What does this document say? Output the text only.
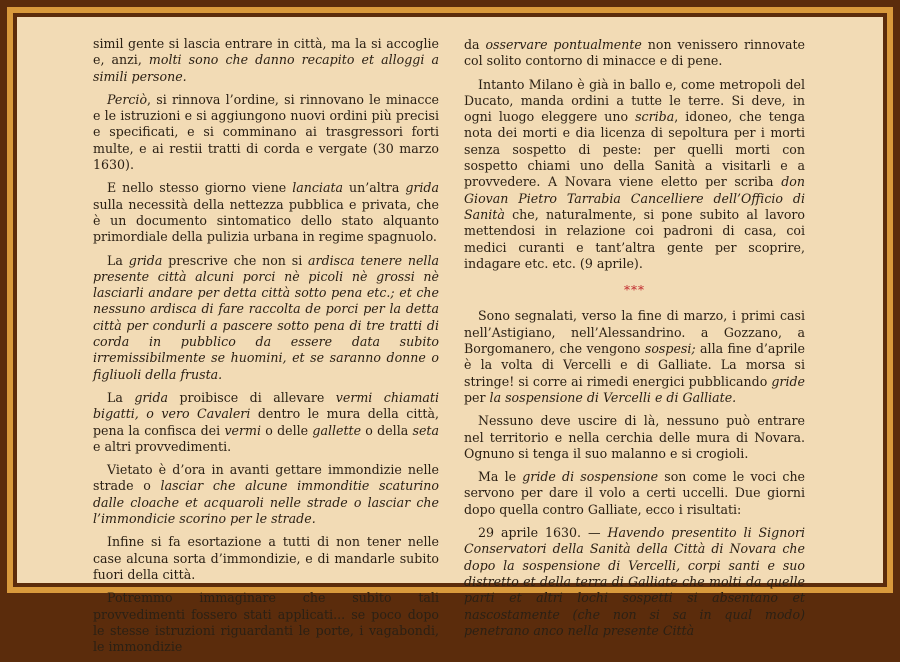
simil gente si lascia entrare in città, ma la si accoglie e, anzi, molti sono che danno recapito et alloggi a simili persone.

Perciò, si rinnova l’ordine, si rinnovano le minacce e le istruzioni e si aggiungono nuovi ordini più precisi e specificati, e si comminano ai trasgressori forti multe, e ai restii tratti di corda e vergate (30 marzo 1630).

E nello stesso giorno viene lanciata un’altra grida sulla necessità della nettezza pubblica e privata, che è un documento sintomatico dello stato alquanto primordiale della pulizia urbana in regime spagnuolo.

La grida prescrive che non si ardisca tenere nella presente città alcuni porci nè picoli nè grossi nè lasciarli andare per detta città sotto pena etc.; et che nessuno ardisca di fare raccolta de porci per la detta città per condurli a pascere sotto pena di tre tratti di corda in pubblico da essere data subito irremissibilmente se huomini, et se saranno donne o figliuoli della frusta.

La grida proibisce di allevare vermi chiamati bigatti, o vero Cavaleri dentro le mura della città, pena la confisca dei vermi o delle gallette o della seta e altri provvedimenti.

Vietato è d’ora in avanti gettare immondizie nelle strade o lasciar che alcune immonditie scaturino dalle cloache et acquaroli nelle strade o lasciar che l’immondicie scorino per le strade.

Infine si fa esortazione a tutti di non tener nelle case alcuna sorta d’immondizie, e di mandarle subito fuori della città.

Potremmo immaginare che subito tali provvedimenti fossero stati applicati... se poco dopo le stesse istruzioni riguardanti le porte, i vagabondi, le immondizie

da osservare pontualmente non venissero rinnovate col solito contorno di minacce e di pene.

Intanto Milano è già in ballo e, come metropoli del Ducato, manda ordini a tutte le terre. Si deve, in ogni luogo eleggere uno scriba, idoneo, che tenga nota dei morti e dia licenza di sepoltura per i morti senza sospetto di peste: per quelli morti con sospetto chiami uno della Sanità a visitarli e a provvedere. A Novara viene eletto per scriba don Giovan Pietro Tarrabia Cancelliere dell’Officio di Sanità che, naturalmente, si pone subito al lavoro mettendosi in relazione coi padroni di casa, coi medici curanti e tant’altra gente per scoprire, indagare etc. etc. (9 aprile).

***

Sono segnalati, verso la fine di marzo, i primi casi nell’Astigiano, nell’Alessandrino. a Gozzano, a Borgomanero, che vengono sospesi; alla fine d’aprile è la volta di Vercelli e di Galliate. La morsa si stringe! si corre ai rimedi energici pubblicando gride per la sospensione di Vercelli e di Galliate.

Nessuno deve uscire di là, nessuno può entrare nel territorio e nella cerchia delle mura di Novara. Ognuno si tenga il suo malanno e si crogioli.

Ma le gride di sospensione son come le voci che servono per dare il volo a certi uccelli. Due giorni dopo quella contro Galliate, ecco i risultati:

29 aprile 1630. — Havendo presentito li Signori Conservatori della Sanità della Città di Novara che dopo la sospensione di Vercelli, corpi santi e suo distretto et della terra di Galliate che molti da quelle parti et altri lochi sospetti si absentano et nascostamente (che non si sa in qual modo) penetrano anco nella presente Città
